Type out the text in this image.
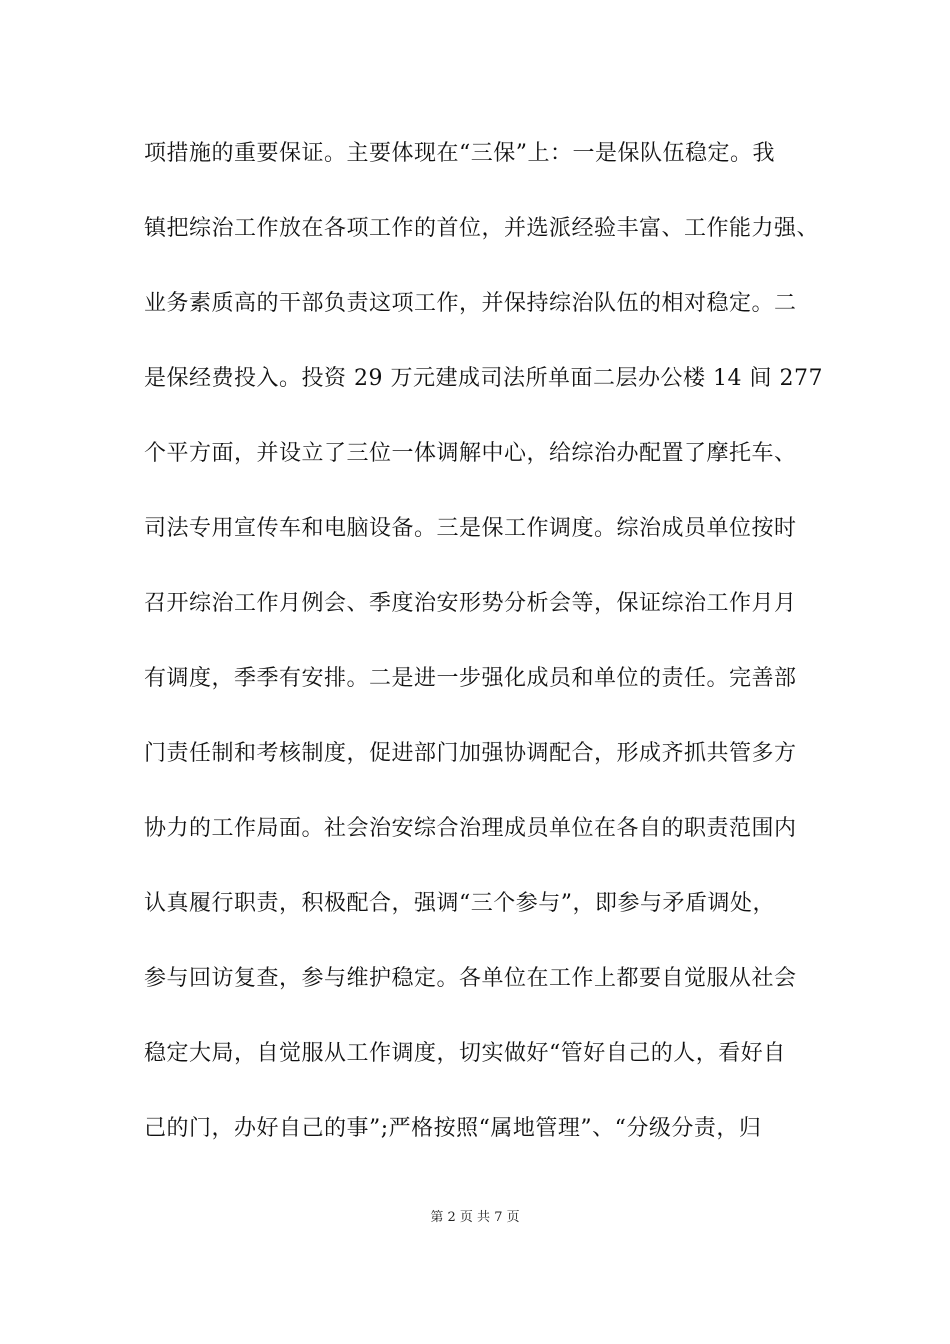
项措施的重要保证。主要体现在“三保”上：一是保队伍稳定。我
镇把综治工作放在各项工作的首位，并选派经验丰富、工作能力强、
业务素质高的干部负责这项工作，并保持综治队伍的相对稳定。二
是保经费投入。投资 29 万元建成司法所单面二层办公楼 14 间 277
个平方面，并设立了三位一体调解中心，给综治办配置了摩托车、
司法专用宣传车和电脑设备。三是保工作调度。综治成员单位按时
召开综治工作月例会、季度治安形势分析会等，保证综治工作月月
有调度，季季有安排。二是进一步强化成员和单位的责任。完善部
门责任制和考核制度，促进部门加强协调配合，形成齐抓共管多方
协力的工作局面。社会治安综合治理成员单位在各自的职责范围内
认真履行职责，积极配合，强调“三个参与”，即参与矛盾调处，
参与回访复查，参与维护稳定。各单位在工作上都要自觉服从社会
稳定大局，自觉服从工作调度，切实做好“管好自己的人，看好自
己的门，办好自己的事”;严格按照“属地管理”、“分级分责，归
第 2 页 共 7 页
